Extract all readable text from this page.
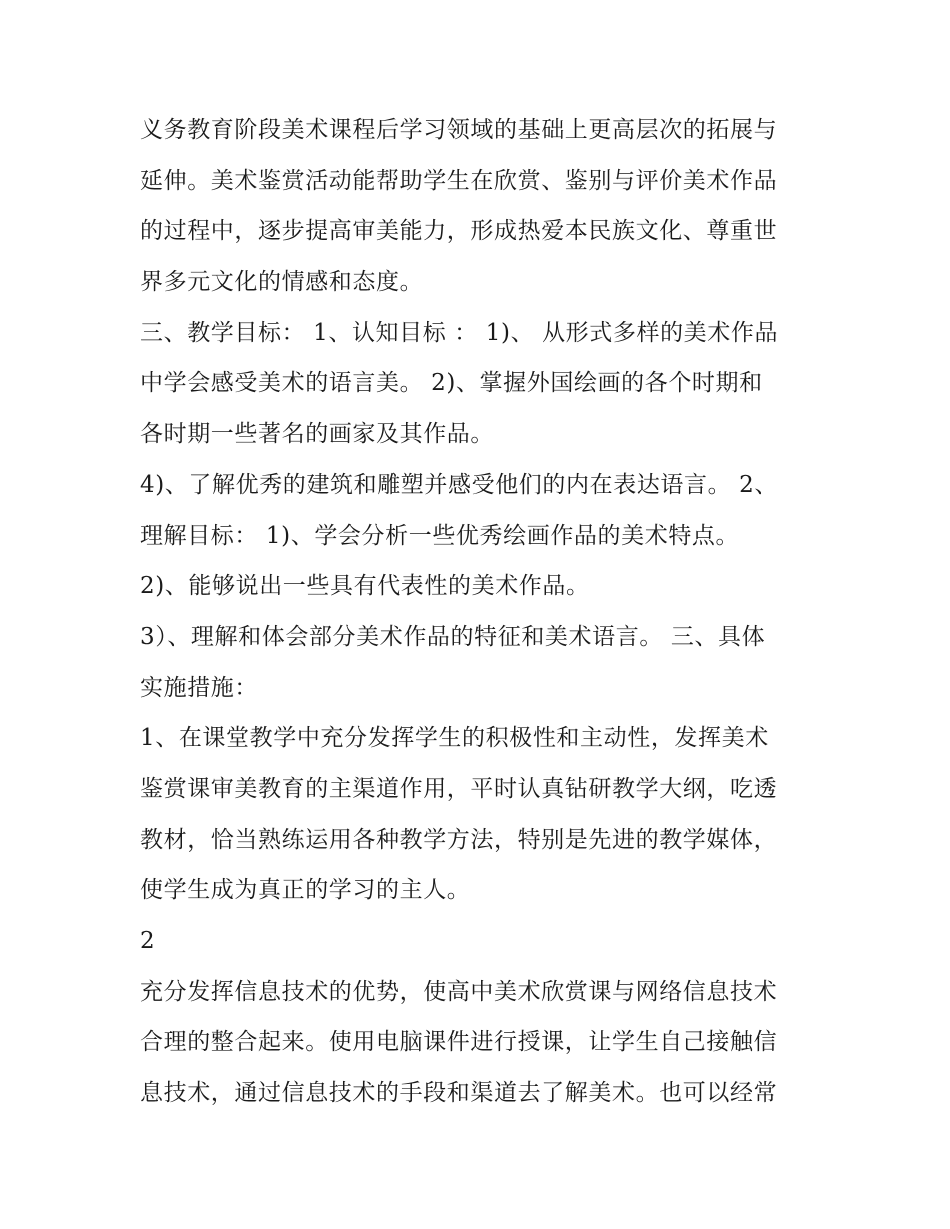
义务教育阶段美术课程后学习领域的基础上更高层次的拓展与
延伸。美术鉴赏活动能帮助学生在欣赏、鉴别与评价美术作品
的过程中，逐步提高审美能力，形成热爱本民族文化、尊重世
界多元文化的情感和态度。
三、教学目标： 1、认知目标 ： 1)、 从形式多样的美术作品
中学会感受美术的语言美。 2)、掌握外国绘画的各个时期和
各时期一些著名的画家及其作品。
4)、了解优秀的建筑和雕塑并感受他们的内在表达语言。 2、
理解目标： 1)、学会分析一些优秀绘画作品的美术特点。
2)、能够说出一些具有代表性的美术作品。
3）、理解和体会部分美术作品的特征和美术语言。 三、具体
实施措施：
1、在课堂教学中充分发挥学生的积极性和主动性，发挥美术
鉴赏课审美教育的主渠道作用，平时认真钻研教学大纲，吃透
教材，恰当熟练运用各种教学方法，特别是先进的教学媒体，
使学生成为真正的学习的主人。
2
充分发挥信息技术的优势，使高中美术欣赏课与网络信息技术
合理的整合起来。使用电脑课件进行授课，让学生自己接触信
息技术，通过信息技术的手段和渠道去了解美术。也可以经常
